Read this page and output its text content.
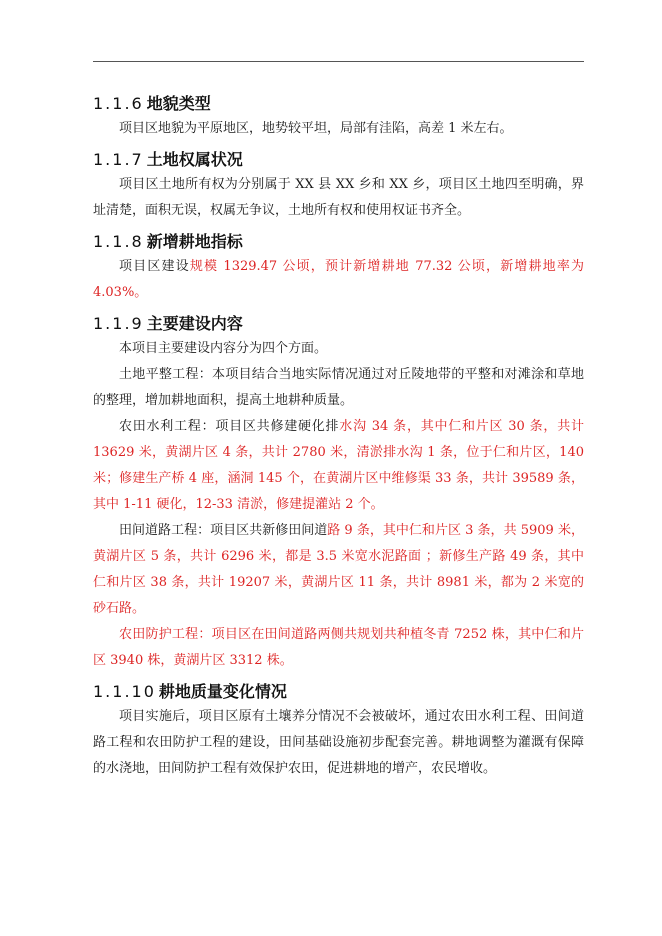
1.1.6 地貌类型

项目区地貌为平原地区，地势较平坦，局部有洼陷，高差 1 米左右。

1.1.7 土地权属状况

项目区土地所有权为分别属于 XX 县 XX 乡和 XX 乡，项目区土地四至明确，界址清楚，面积无误，权属无争议，土地所有权和使用权证书齐全。

1.1.8 新增耕地指标

项目区建设规模 1329.47 公顷，预计新增耕地 77.32 公顷，新增耕地率为 4.03%。

1.1.9 主要建设内容

本项目主要建设内容分为四个方面。

土地平整工程：本项目结合当地实际情况通过对丘陵地带的平整和对滩涂和草地的整理，增加耕地面积，提高土地耕种质量。

农田水利工程：项目区共修建硬化排水沟 34 条，其中仁和片区 30 条，共计 13629 米，黄湖片区 4 条，共计 2780 米，清淤排水沟 1 条，位于仁和片区，140 米；修建生产桥 4 座，涵洞 145 个，在黄湖片区中维修渠 33 条，共计 39589 条，其中 1-11 硬化，12-33 清淤，修建提灌站 2 个。

田间道路工程：项目区共新修田间道路 9 条，其中仁和片区 3 条，共 5909 米，黄湖片区 5 条，共计 6296 米，都是 3.5 米宽水泥路面 ；新修生产路 49 条，其中仁和片区 38 条，共计 19207 米，黄湖片区 11 条，共计 8981 米，都为 2 米宽的砂石路。

农田防护工程：项目区在田间道路两侧共规划共种植冬青 7252 株，其中仁和片区 3940 株，黄湖片区 3312 株。

1.1.10 耕地质量变化情况

项目实施后，项目区原有土壤养分情况不会被破坏，通过农田水利工程、田间道路工程和农田防护工程的建设，田间基础设施初步配套完善。耕地调整为灌溉有保障的水浇地，田间防护工程有效保护农田，促进耕地的增产，农民增收。
